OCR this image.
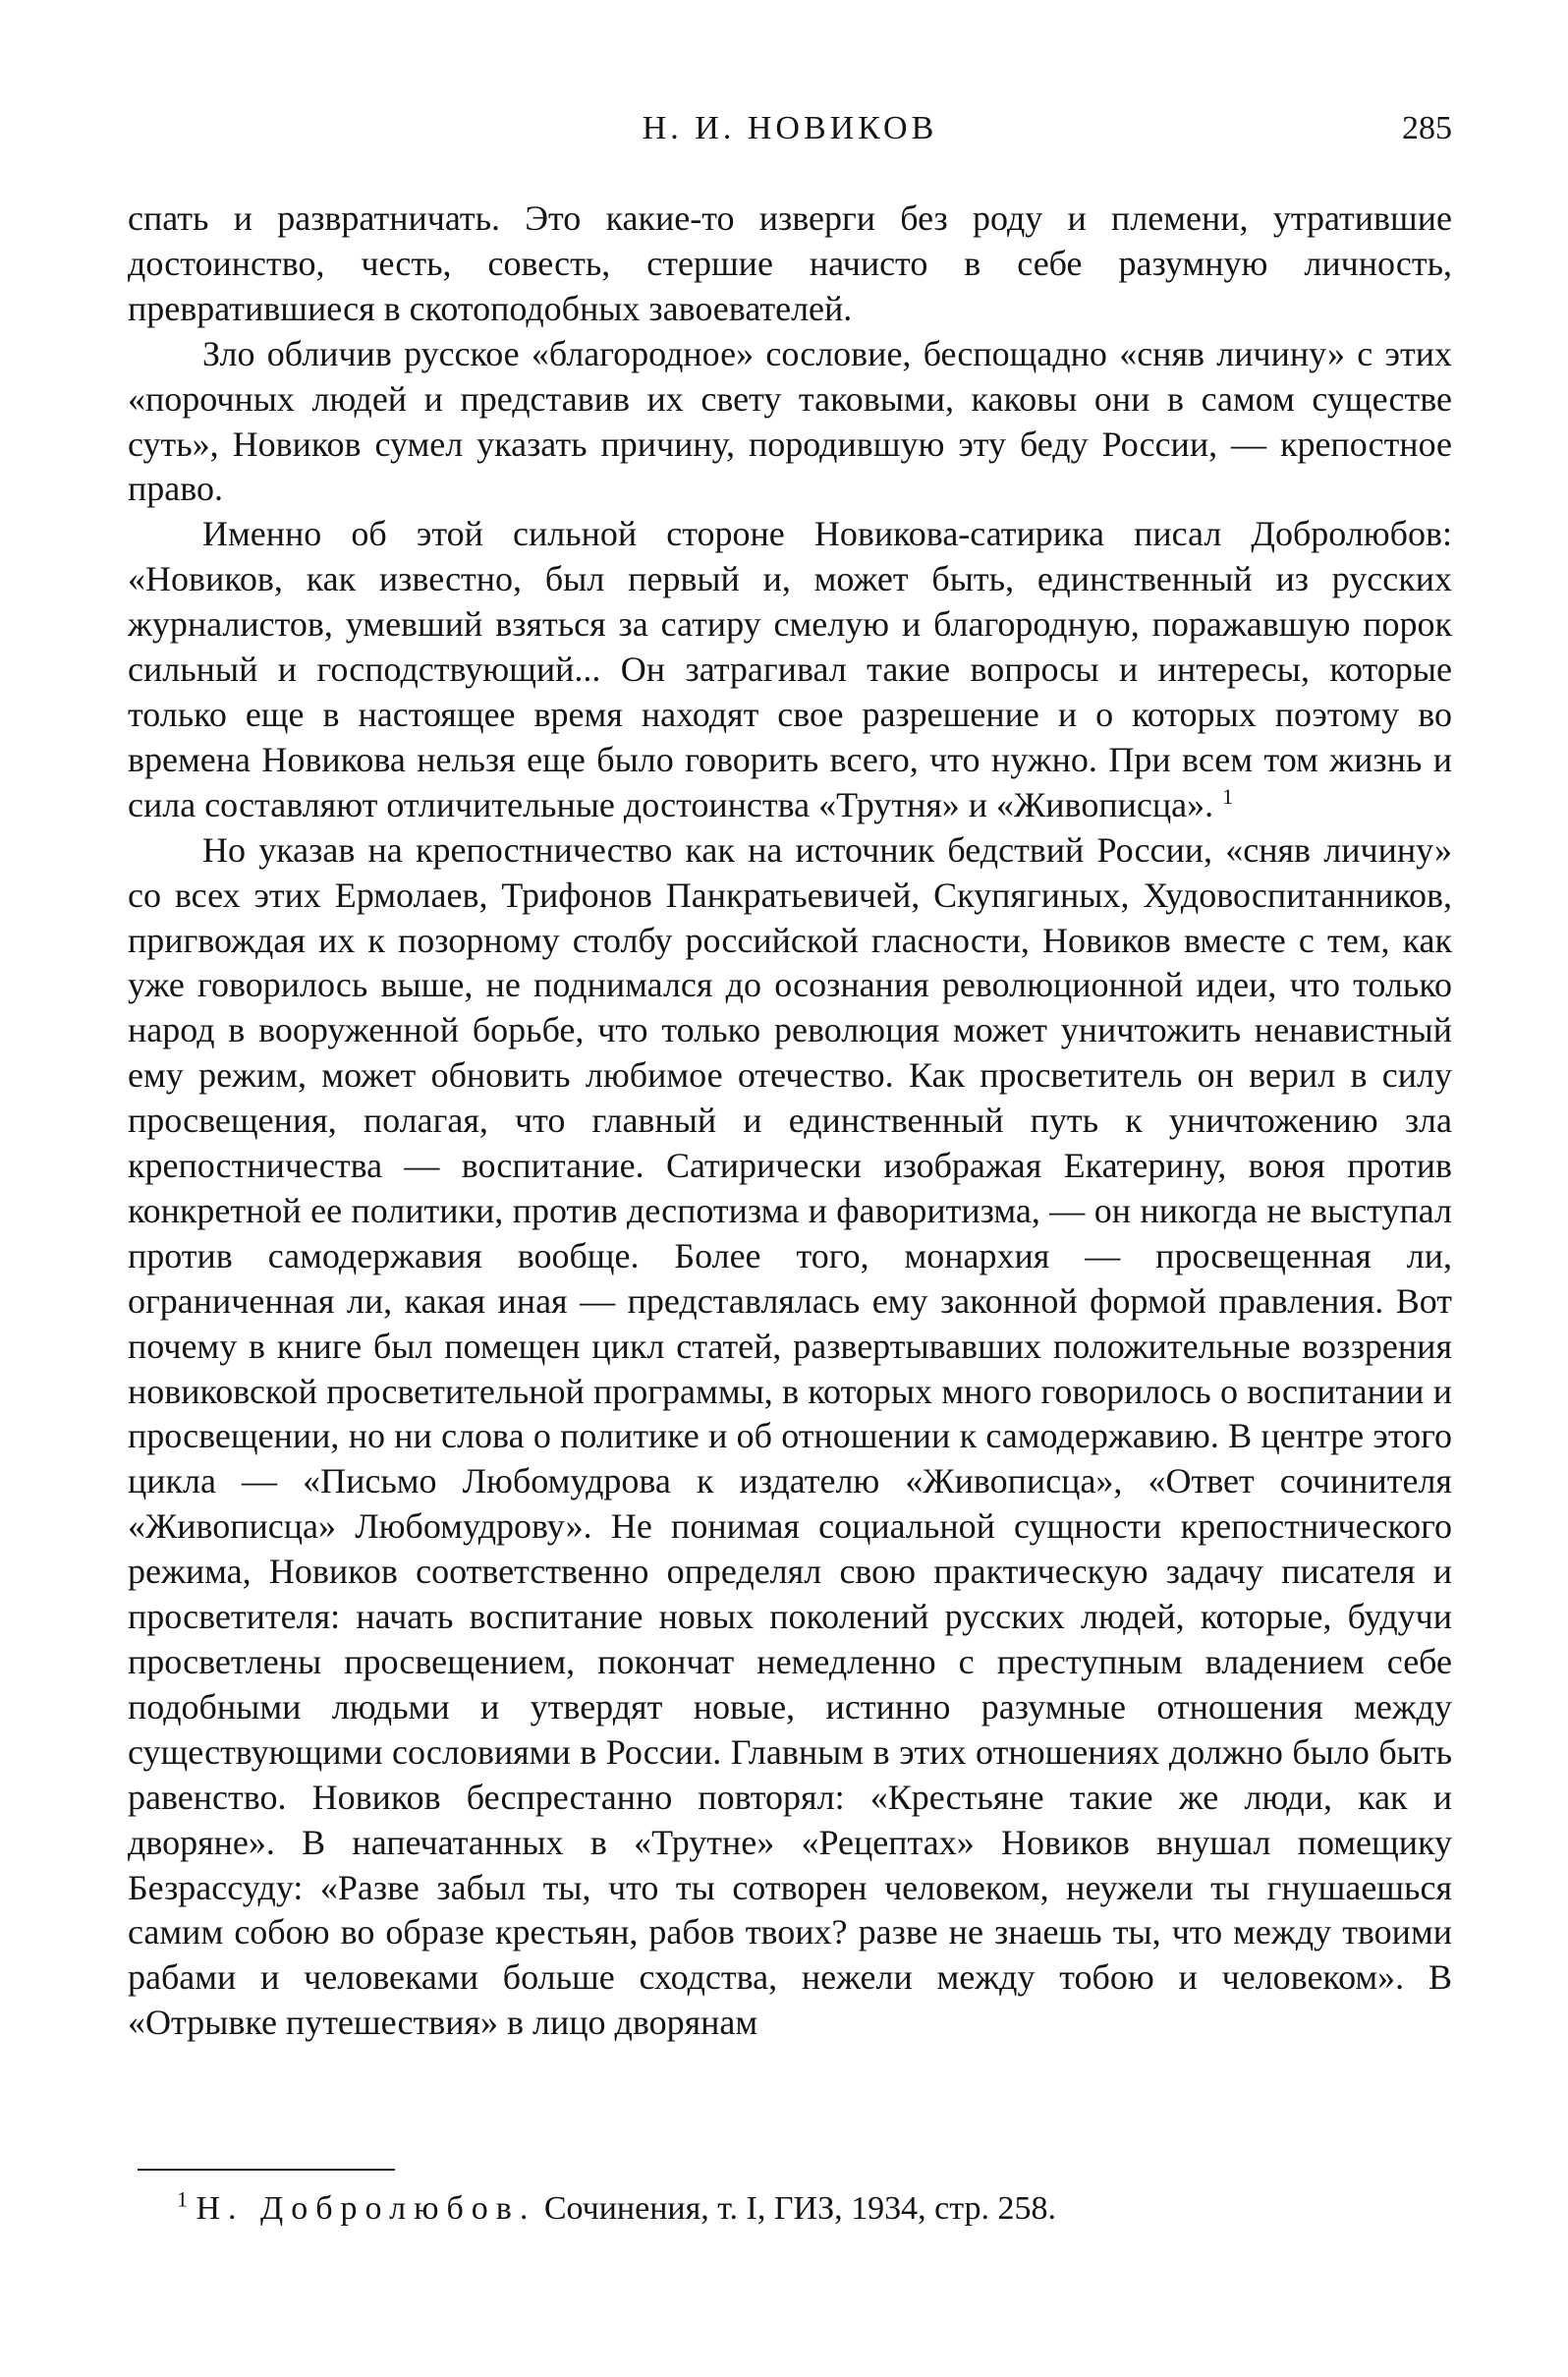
Н. И. НОВИКОВ	285

спать и развратничать. Это какие-то изверги без роду и племени, утратившие достоинство, честь, совесть, стершие начисто в себе разумную личность, превратившиеся в скотоподобных завоевателей.

Зло обличив русское «благородное» сословие, беспощадно «сняв личину» с этих «порочных людей и представив их свету таковыми, каковы они в самом существе суть», Новиков сумел указать причину, породившую эту беду России, — крепостное право.

Именно об этой сильной стороне Новикова-сатирика писал Добролюбов: «Новиков, как известно, был первый и, может быть, единственный из русских журналистов, умевший взяться за сатиру смелую и благородную, поражавшую порок сильный и господствующий... Он затрагивал такие вопросы и интересы, которые только еще в настоящее время находят свое разрешение и о которых поэтому во времена Новикова нельзя еще было говорить всего, что нужно. При всем том жизнь и сила составляют отличительные достоинства «Трутня» и «Живописца». $^1$

Но указав на крепостничество как на источник бедствий России, «сняв личину» со всех этих Ермолаев, Трифонов Панкратьевичей, Скупягиных, Худовоспитанников, пригвождая их к позорному столбу российской гласности, Новиков вместе с тем, как уже говорилось выше, не поднимался до осознания революционной идеи, что только народ в вооруженной борьбе, что только революция может уничтожить ненавистный ему режим, может обновить любимое отечество. Как просветитель он верил в силу просвещения, полагая, что главный и единственный путь к уничтожению зла крепостничества — воспитание. Сатирически изображая Екатерину, воюя против конкретной ее политики, против деспотизма и фаворитизма, — он никогда не выступал против самодержавия вообще. Более того, монархия — просвещенная ли, ограниченная ли, какая иная — представлялась ему законной формой правления. Вот почему в книге был помещен цикл статей, развертывавших положительные воззрения новиковской просветительной программы, в которых много говорилось о воспитании и просвещении, но ни слова о политике и об отношении к самодержавию. В центре этого цикла — «Письмо Любомудрова к издателю «Живописца», «Ответ сочинителя «Живописца» Любомудрову». Не понимая социальной сущности крепостнического режима, Новиков соответственно определял свою практическую задачу писателя и просветителя: начать воспитание новых поколений русских людей, которые, будучи просветлены просвещением, покончат немедленно с преступным владением себе подобными людьми и утвердят новые, истинно разумные отношения между существующими сословиями в России. Главным в этих отношениях должно было быть равенство. Новиков беспрестанно повторял: «Крестьяне такие же люди, как и дворяне». В напечатанных в «Трутне» «Рецептах» Новиков внушал помещику Безрассуду: «Разве забыл ты, что ты сотворен человеком, неужели ты гнушаешься самим собою во образе крестьян, рабов твоих? разве не знаешь ты, что между твоими рабами и человеками больше сходства, нежели между тобою и человеком». В «Отрывке путешествия» в лицо дворянам

$^1$ Н. Добролюбов. Сочинения, т. I, ГИЗ, 1934, стр. 258.
